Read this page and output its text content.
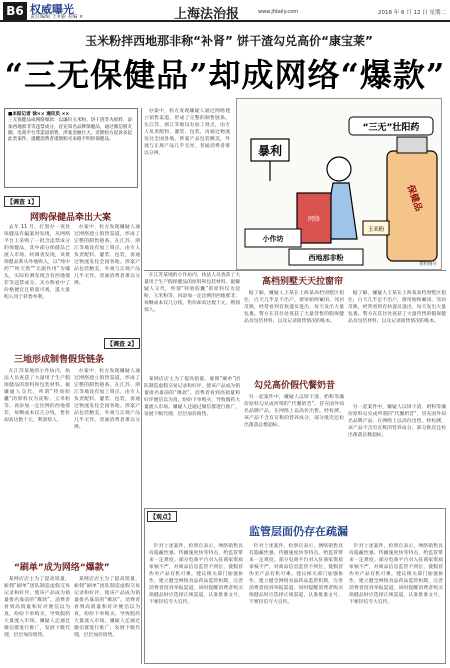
B6 权威曝光
责任编辑 王×丽 美编 ×	上海法治报	www.jfdaily.com	2018 年 6 月 12 日 星期二
玉米粉拌西地那非称“补肾” 饼干渣勾兑高价“康宝莱”
“三无保健品”却成网络“爆款”
■本报记者 徐×× 通讯员 ××
三无保健品成网络爆款：以廉价玉米粉、饼干渣等为原料，添加西地那非等违禁成分，冒充知名品牌保健品，通过微信朋友圈、电商平台等渠道销售，涉案金额巨大。近期检方起诉多起此类案件，提醒消费者谨慎购买来路不明的保健品。
暴利
保健品
“三无”壮阳药
网络
小作坊
西地那非粉
玉米粉
资料图片
【调查 1】
网购保健品牵出大案

去年 11 月，打黑办一查处保健品诈骗案时发现，从网络平台上采购了一批含违禁成分的保健品，其中部分保健品已流入市场。经调查发现，该批保健品系从外地购入，以“纯中药”“纯天然”“无副作用”为噱头，实际检测发现含有西地那非等违禁成分。买方称看中了价格便宜且销量可观，遂大量购入用于转售牟利。

办案中，检方发现嫌疑人通过网络建立销售渠道，形成了完整的制售链条。在江苏、浙江等地设有加工窝点，由专人负责配料、灌装、包装，再通过物流发往全国各地。涉案产品包装精美，外观与正规产品几乎无异，普通消费者难以分辨。

三地形成制售假货链条

在江苏某地的小作坊内，执法人员查获了大量用于生产假保健品的原料和包装材料。据嫌疑人交代，所谓“特效胶囊”的原料仅为淀粉、玉米粉等，再添加一定比例的西地那非，每颗成本仅几分钱，售价却高达数十元，利润惊人。

办案中，检方发现嫌疑人通过网络建立销售渠道，形成了完整的制售链条。在江苏、浙江等地设有加工窝点，由专人负责配料、灌装、包装，再通过物流发往全国各地。涉案产品包装精美，外观与正规产品几乎无异，普通消费者难以分辨。

“刷单”成为网络“爆款”

某网店店主为了提高销量，雇佣“刷单”团队制造虚假交易记录和好评，使该产品成为销量排名靠前的“爆款”。消费者看到高销量和好评便信以为真，纷纷下单购买，导致假药大量流入市场。嫌疑人还通过微信群进行推广，发展下级代理，层层加价销售。

某网店店主为了提高销量，雇佣“刷单”团队制造虚假交易记录和好评，使该产品成为销量排名靠前的“爆款”。消费者看到高销量和好评便信以为真，纷纷下单购买，导致假药大量流入市场。嫌疑人还通过微信群进行推广，发展下级代理，层层加价销售。

办案中，检方发现嫌疑人通过网络建立销售渠道，形成了完整的制售链条。在江苏、浙江等地设有加工窝点，由专人负责配料、灌装、包装，再通过物流发往全国各地。涉案产品包装精美，外观与正规产品几乎无异，普通消费者难以分辨。

在江苏某地的小作坊内，执法人员查获了大量用于生产假保健品的原料和包装材料。据嫌疑人交代，所谓“特效胶囊”的原料仅为淀粉、玉米粉等，再添加一定比例的西地那非，每颗成本仅几分钱，售价却高达数十元，利润惊人。

高档别墅天天拉窗帘

据了解，嫌疑人王某在上海某高档别墅区租住，白天几乎足不出户，窗帘始终紧闭。邻居反映，经常看到有快递员进出，每天发出大量包裹。警方在其住处查获了大量待售的假保健品及包装材料，以及记录销售情况的账本。

据了解，嫌疑人王某在上海某高档别墅区租住，白天几乎足不出户，窗帘始终紧闭。邻居反映，经常看到有快递员进出，每天发出大量包裹。警方在其住处查获了大量待售的假保健品及包装材料，以及记录销售情况的账本。

勾兑高价假代餐奶昔

某网店店主为了提高销量，雇佣“刷单”团队制造虚假交易记录和好评，使该产品成为销量排名靠前的“爆款”。消费者看到高销量和好评便信以为真，纷纷下单购买，导致假药大量流入市场。嫌疑人还通过微信群进行推广，发展下级代理，层层加价销售。

另一起案件中，嫌疑人以饼干渣、奶粉等廉价原料勾兑成所谓的“代餐奶昔”，冒充国外知名品牌产品，在网络上以高价出售。经检测，该产品不含有宣称的营养成分，部分批次还检出菌落总数超标。

另一起案件中，嫌疑人以饼干渣、奶粉等廉价原料勾兑成所谓的“代餐奶昔”，冒充国外知名品牌产品，在网络上以高价出售。经检测，该产品不含有宣称的营养成分，部分批次还检出菌落总数超标。

【观点】
监管层面仍存在疏漏

针对上述案件，检察官表示，网络销售具有隐蔽性强、传播速度快等特点，给监管带来一定难度。部分电商平台对入驻商家资质审核不严，对商品信息监管不到位，使假冒伪劣产品有机可乘。建议相关部门加强协作，建立健全网络食品药品监管机制，完善消费者投诉举报渠道，同时提醒消费者购买保健品时应选择正规渠道，认准批准文号，不要轻信夸大宣传。

针对上述案件，检察官表示，网络销售具有隐蔽性强、传播速度快等特点，给监管带来一定难度。部分电商平台对入驻商家资质审核不严，对商品信息监管不到位，使假冒伪劣产品有机可乘。建议相关部门加强协作，建立健全网络食品药品监管机制，完善消费者投诉举报渠道，同时提醒消费者购买保健品时应选择正规渠道，认准批准文号，不要轻信夸大宣传。

针对上述案件，检察官表示，网络销售具有隐蔽性强、传播速度快等特点，给监管带来一定难度。部分电商平台对入驻商家资质审核不严，对商品信息监管不到位，使假冒伪劣产品有机可乘。建议相关部门加强协作，建立健全网络食品药品监管机制，完善消费者投诉举报渠道，同时提醒消费者购买保健品时应选择正规渠道，认准批准文号，不要轻信夸大宣传。

【调查 2】
